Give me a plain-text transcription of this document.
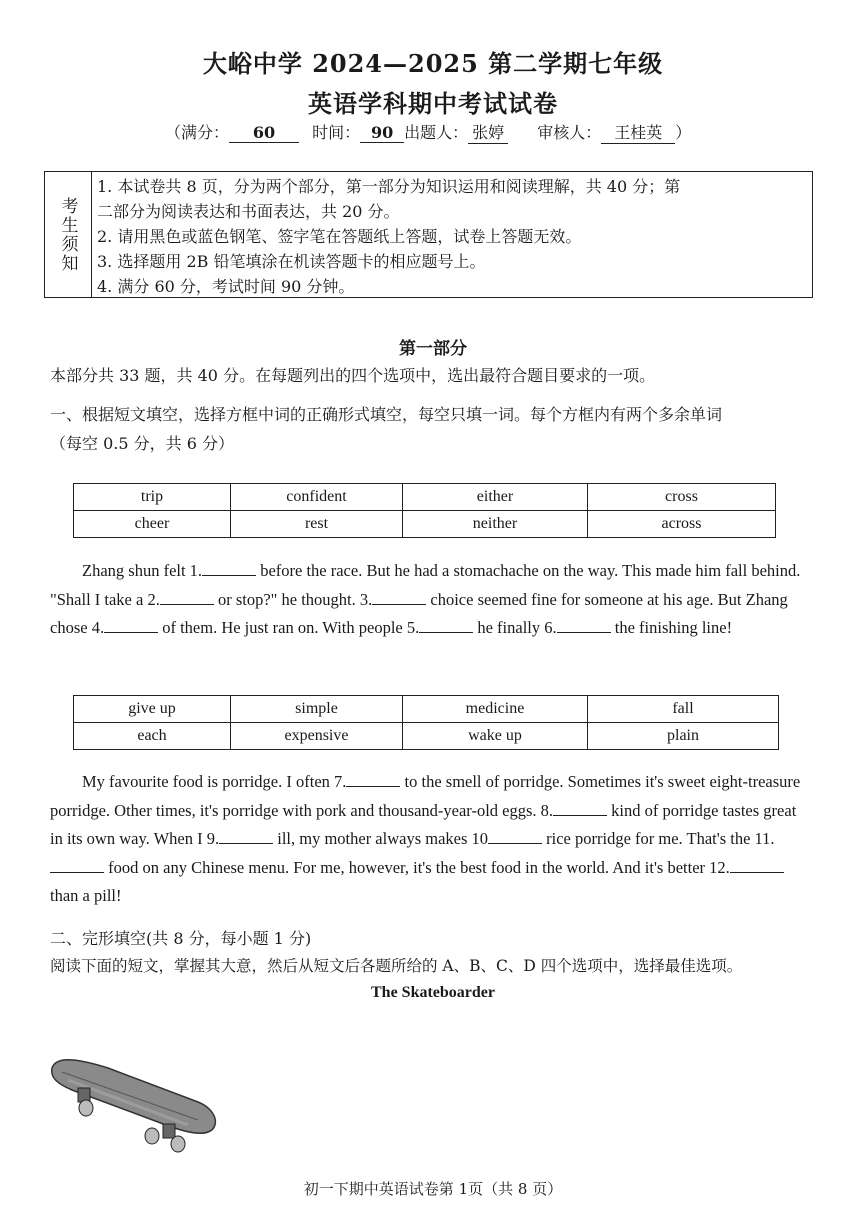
大峪中学 2024—2025 第二学期七年级
英语学科期中考试试卷
（满分： 60 时间： 90 出题人： 张婷 审核人： 王桂英 ）
考生须知
1. 本试卷共 8 页，分为两个部分，第一部分为知识运用和阅读理解，共 40 分；第
二部分为阅读表达和书面表达，共 20 分。
2. 请用黑色或蓝色钢笔、签字笔在答题纸上答题，试卷上答题无效。
3. 选择题用 2B 铅笔填涂在机读答题卡的相应题号上。
4. 满分 60 分，考试时间 90 分钟。
第一部分
本部分共 33 题，共 40 分。在每题列出的四个选项中，选出最符合题目要求的一项。
一、根据短文填空，选择方框中词的正确形式填空，每空只填一词。每个方框内有两个多余单词
（每空 0.5 分，共 6 分）
trip	confident	either	cross
cheer	rest	neither	across
Zhang shun felt 1.	before the race. But he had a stomachache on the way. This made him fall behind. "Shall I take a 2.	or stop?" he thought. 3.	choice seemed fine for someone at his age. But Zhang chose 4.	of them. He just ran on. With people 5.	he finally 6.	the finishing line!
give up	simple	medicine	fall
each	expensive	wake up	plain
My favourite food is porridge. I often 7.	to the smell of porridge. Sometimes it's sweet eight-treasure porridge. Other times, it's porridge with pork and thousand-year-old eggs. 8.	kind of porridge tastes great in its own way. When I 9.	ill, my mother always makes 10	rice porridge for me. That's the 11. food on any Chinese menu. For me, however, it's the best food in the world. And it's better 12. than a pill!
二、完形填空(共 8 分，每小题 1 分)
阅读下面的短文，掌握其大意，然后从短文后各题所给的 A、B、C、D 四个选项中，选择最佳选项。
The Skateboarder
初一下期中英语试卷第 1页（共 8 页）
